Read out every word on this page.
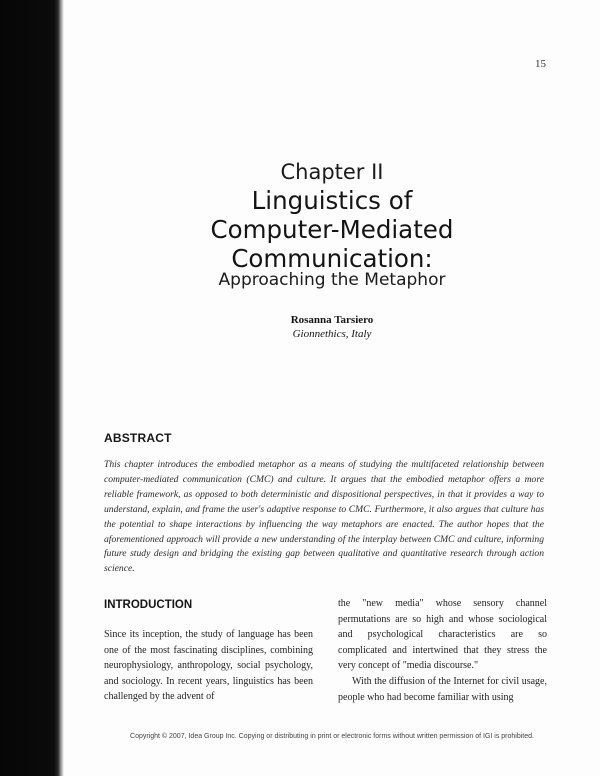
15
Chapter II
Linguistics of
Computer-Mediated
Communication:
Approaching the Metaphor
Rosanna Tarsiero
Gionnethics, Italy
ABSTRACT
This chapter introduces the embodied metaphor as a means of studying the multifaceted relationship between computer-mediated communication (CMC) and culture. It argues that the embodied metaphor offers a more reliable framework, as opposed to both deterministic and dispositional perspectives, in that it provides a way to understand, explain, and frame the user's adaptive response to CMC. Furthermore, it also argues that culture has the potential to shape interactions by influencing the way metaphors are enacted. The author hopes that the aforementioned approach will provide a new understanding of the interplay between CMC and culture, informing future study design and bridging the existing gap between qualitative and quantitative research through action science.
INTRODUCTION

Since its inception, the study of language has been one of the most fascinating disciplines, combining neurophysiology, anthropology, social psychology, and sociology. In recent years, linguistics has been challenged by the advent of

the "new media" whose sensory channel permutations are so high and whose sociological and psychological characteristics are so complicated and intertwined that they stress the very concept of "media discourse."

With the diffusion of the Internet for civil usage, people who had become familiar with using

Copyright © 2007, Idea Group Inc. Copying or distributing in print or electronic forms without written permission of IGI is prohibited.
